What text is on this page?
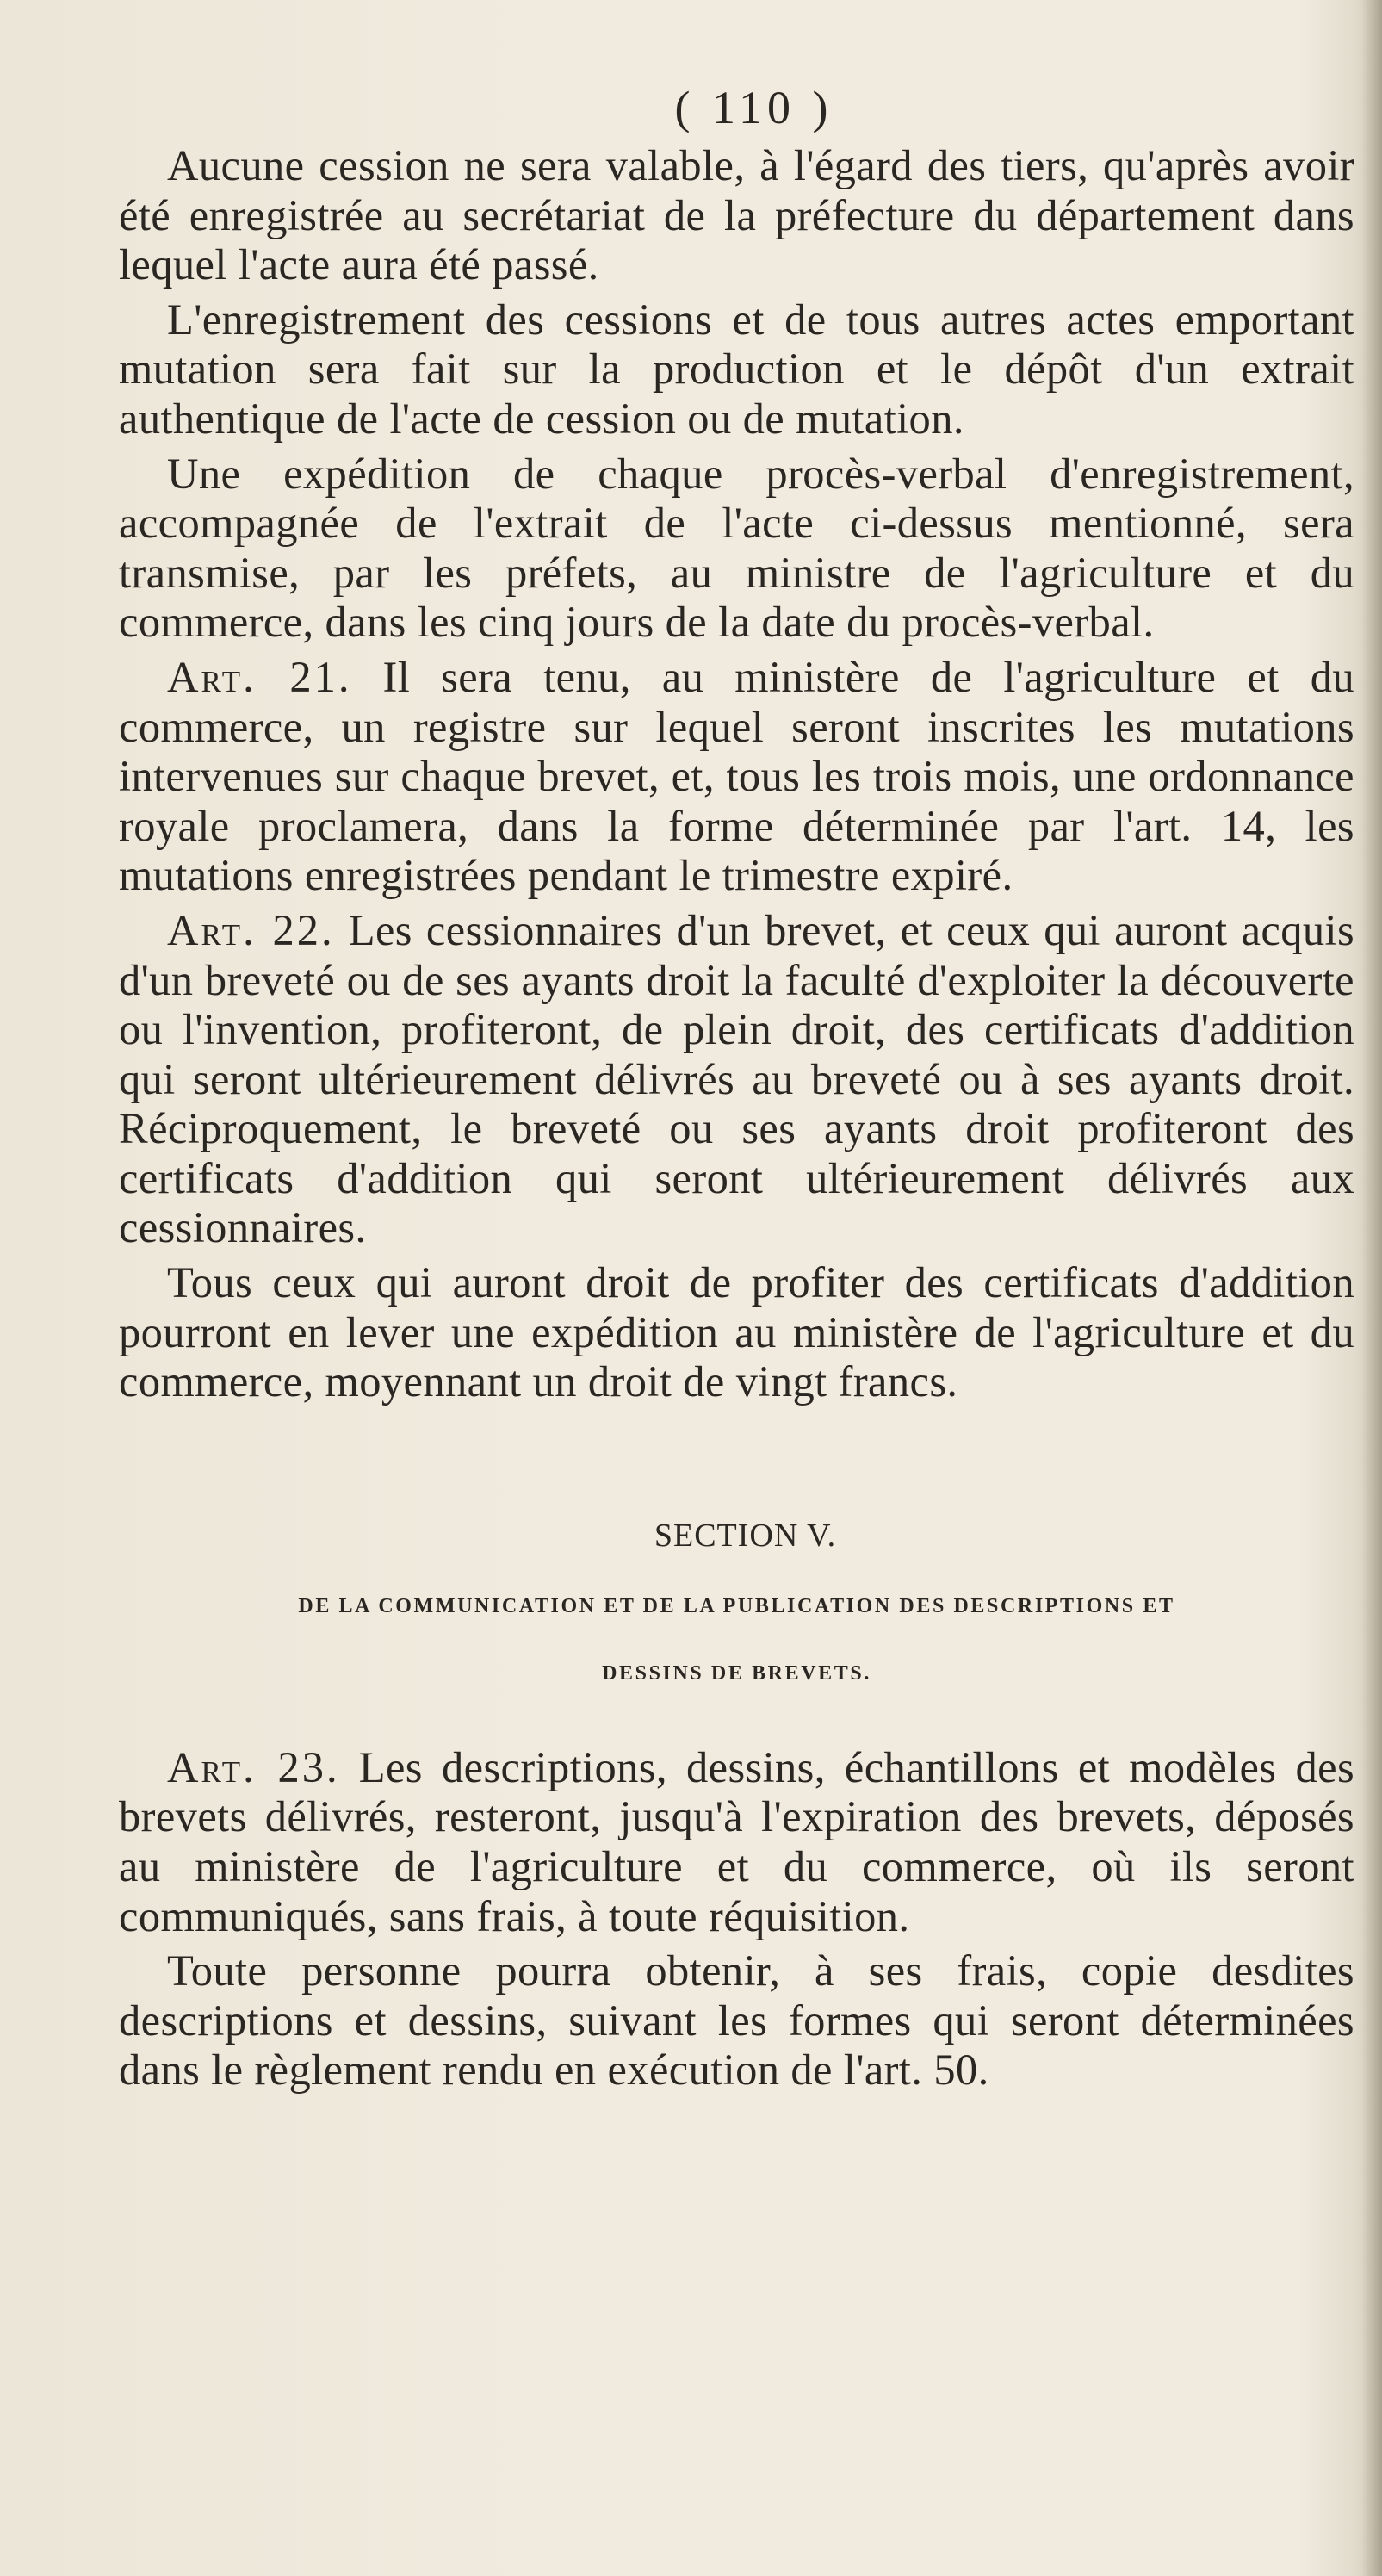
( 110 )

Aucune cession ne sera valable, à l'égard des tiers, qu'après avoir été enregistrée au secrétariat de la préfecture du département dans lequel l'acte aura été passé.

L'enregistrement des cessions et de tous autres actes emportant mutation sera fait sur la production et le dépôt d'un extrait authentique de l'acte de cession ou de mutation.

Une expédition de chaque procès-verbal d'enregistrement, accompagnée de l'extrait de l'acte ci-dessus mentionné, sera transmise, par les préfets, au ministre de l'agriculture et du commerce, dans les cinq jours de la date du procès-verbal.

Art. 21. Il sera tenu, au ministère de l'agriculture et du commerce, un registre sur lequel seront inscrites les mutations intervenues sur chaque brevet, et, tous les trois mois, une ordonnance royale proclamera, dans la forme déterminée par l'art. 14, les mutations enregistrées pendant le trimestre expiré.

Art. 22. Les cessionnaires d'un brevet, et ceux qui auront acquis d'un breveté ou de ses ayants droit la faculté d'exploiter la découverte ou l'invention, profiteront, de plein droit, des certificats d'addition qui seront ultérieurement délivrés au breveté ou à ses ayants droit. Réciproquement, le breveté ou ses ayants droit profiteront des certificats d'addition qui seront ultérieurement délivrés aux cessionnaires.

Tous ceux qui auront droit de profiter des certificats d'addition pourront en lever une expédition au ministère de l'agriculture et du commerce, moyennant un droit de vingt francs.

SECTION V.
DE LA COMMUNICATION ET DE LA PUBLICATION DES DESCRIPTIONS ET
DESSINS DE BREVETS.

Art. 23. Les descriptions, dessins, échantillons et modèles des brevets délivrés, resteront, jusqu'à l'expiration des brevets, déposés au ministère de l'agriculture et du commerce, où ils seront communiqués, sans frais, à toute réquisition.

Toute personne pourra obtenir, à ses frais, copie desdites descriptions et dessins, suivant les formes qui seront déterminées dans le règlement rendu en exécution de l'art. 50.
